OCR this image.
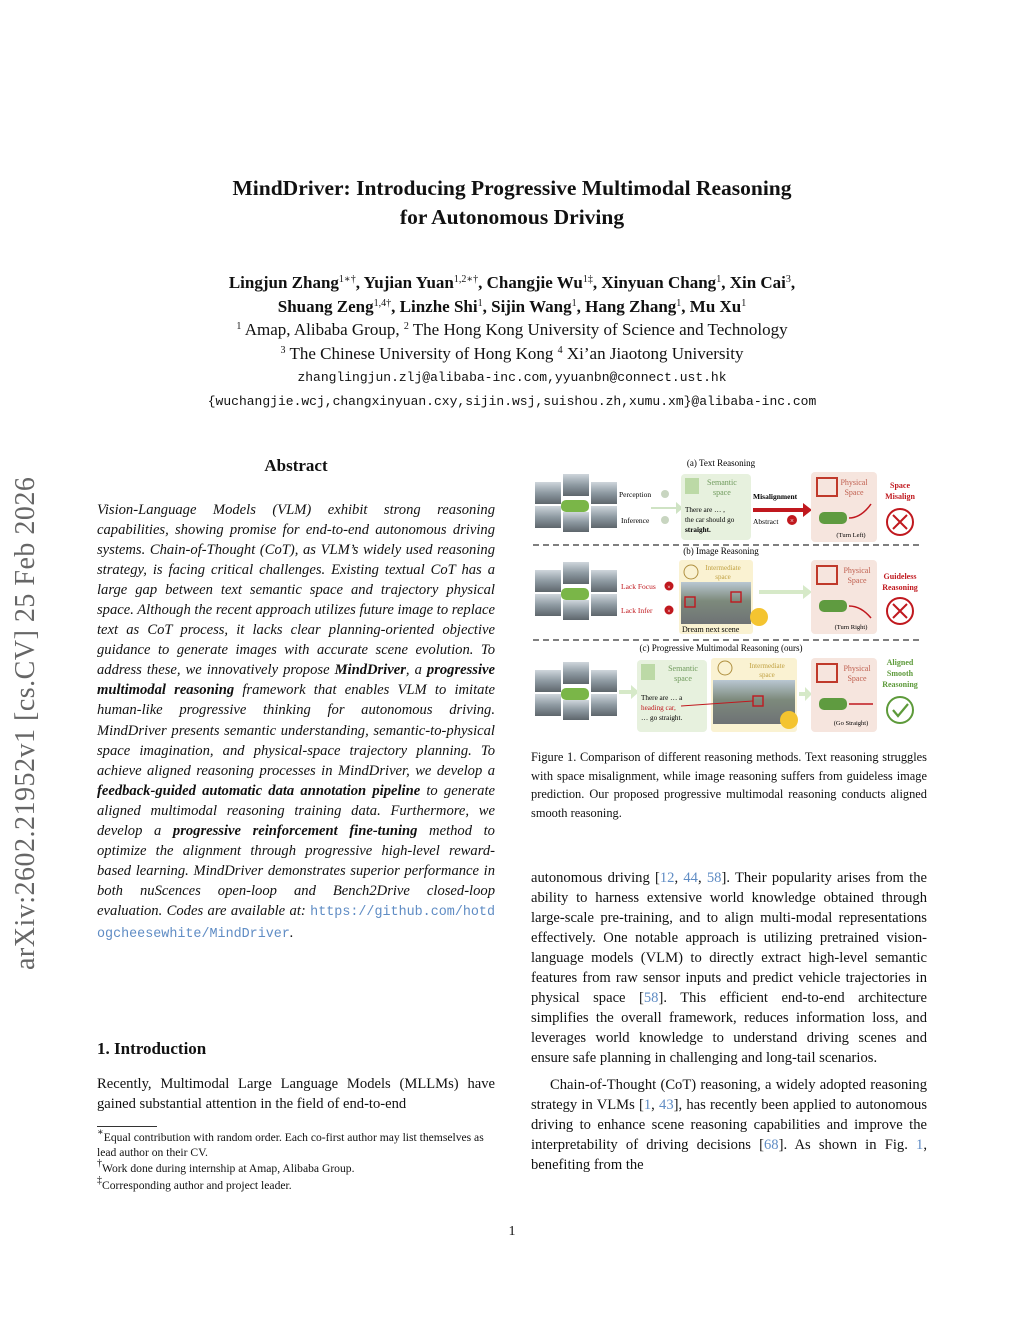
MindDriver: Introducing Progressive Multimodal Reasoning
for Autonomous Driving
Lingjun Zhang$^{1∗\dagger}$, Yujian Yuan$^{1,2∗\dagger}$, Changjie $Wu^{1\ddagger}$, Xinyuan Chang$^1$, Xin Cai$^3$,
Shuang Zeng$^{1,4\dagger}$, Linzhe Shi$^1$, Sijin Wang$^1$, Hang Zhang$^1$, Mu Xu$^1$
$^1$ Amap, Alibaba Group, $^2$ The Hong Kong University of Science and Technology
$^3$ The Chinese University of Hong Kong $^4$ Xi’an Jiaotong University
zhanglingjun.zlj@alibaba-inc.com,yyuanbn@connect.ust.hk
{wuchangjie.wcj,changxinyuan.cxy,sijin.wsj,suishou.zh,xumu.xm}@alibaba-inc.com
arXiv:2602.21952v1 [cs.CV] 25 Feb 2026
Abstract
Vision-Language Models (VLM) exhibit strong reasoning capabilities, showing promise for end-to-end autonomous driving systems. Chain-of-Thought (CoT), as VLM’s widely used reasoning strategy, is facing critical challenges. Existing textual CoT has a large gap between text semantic space and trajectory physical space. Although the recent approach utilizes future image to replace text as CoT process, it lacks clear planning-oriented objective guidance to generate images with accurate scene evolution. To address these, we innovatively propose MindDriver, a progressive multimodal reasoning framework that enables VLM to imitate human-like progressive thinking for autonomous driving. MindDriver presents semantic understanding, semantic-to-physical space imagination, and physical-space trajectory planning. To achieve aligned reasoning processes in MindDriver, we develop a feedback-guided automatic data annotation pipeline to generate aligned multimodal reasoning training data. Furthermore, we develop a progressive reinforcement fine-tuning method to optimize the alignment through progressive high-level reward-based learning. MindDriver demonstrates superior performance in both nuScences open-loop and Bench2Drive closed-loop evaluation. Codes are available at: https://github.com/hotdogcheesewhite/MindDriver.
1. Introduction
Recently, Multimodal Large Language Models (MLLMs) have gained substantial attention in the field of end-to-end
∗Equal contribution with random order. Each co-first author may list themselves as lead author on their CV.
†Work done during internship at Amap, Alibaba Group.
‡Corresponding author and project leader.
(a) Text Reasoning
Perception
Inference
Semantic
space
There are … ,
the car should go
straight.
Misalignment
Abstract ×
Physical
Space
(Turn Left)
Space
Misalign
(b) Image Reasoning
Lack Focus ×
Lack Infer ×
Intermediate
space
Dream next scene
Physical
Space
(Turn Right)
Guideless
Reasoning
(c) Progressive Multimodal Reasoning (ours)
Semantic
space
There are … a
heading car,
… go straight.
Intermediate
space
Physical
Space
(Go Straight)
Aligned
Smooth
Reasoning
Figure 1. Comparison of different reasoning methods. Text reasoning struggles with space misalignment, while image reasoning suffers from guideless image prediction. Our proposed progressive multimodal reasoning conducts aligned smooth reasoning.

autonomous driving [12, 44, 58]. Their popularity arises from the ability to harness extensive world knowledge obtained through large-scale pre-training, and to align multi-modal representations effectively. One notable approach is utilizing pretrained vision-language models (VLM) to directly extract high-level semantic features from raw sensor inputs and predict vehicle trajectories in physical space [58]. This efficient end-to-end architecture simplifies the overall framework, reduces information loss, and leverages world knowledge to understand driving scenes and ensure safe planning in challenging and long-tail scenarios.

Chain-of-Thought (CoT) reasoning, a widely adopted reasoning strategy in VLMs [1, 43], has recently been applied to autonomous driving to enhance scene reasoning capabilities and improve the interpretability of driving decisions [68]. As shown in Fig. 1, benefiting from the

1
